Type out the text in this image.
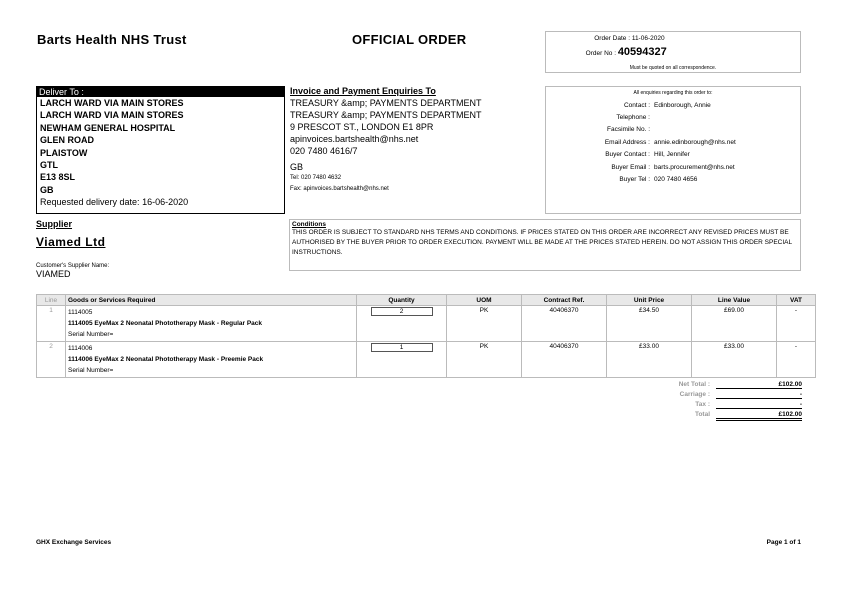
Barts Health NHS Trust	OFFICIAL ORDER	Order Date : 11-06-2020
Order No : 40594327
Must be quoted on all correspondence.
Deliver To :
LARCH WARD VIA MAIN STORES
LARCH WARD VIA MAIN STORES
NEWHAM GENERAL HOSPITAL
GLEN ROAD
PLAISTOW
GTL
E13 8SL
GB
Requested delivery date: 16-06-2020
Invoice and Payment Enquiries To
TREASURY &amp; PAYMENTS DEPARTMENT
TREASURY &amp; PAYMENTS DEPARTMENT
9 PRESCOT ST., LONDON E1 8PR
apinvoices.bartshealth@nhs.net
020 7480 4616/7
GB
Tel: 020 7480 4632
Fax: apinvoices.bartshealth@nhs.net
All enquiries regarding this order to:
Contact : Edinborough, Annie
Telephone :
Facsimile No. :
Email Address : annie.edinborough@nhs.net
Buyer Contact : Hill, Jennifer
Buyer Email : barts.procurement@nhs.net
Buyer Tel : 020 7480 4656
Supplier
Viamed Ltd
Customer's Supplier Name:
VIAMED
Conditions
THIS ORDER IS SUBJECT TO STANDARD NHS TERMS AND CONDITIONS. IF PRICES STATED ON THIS ORDER ARE INCORRECT ANY REVISED PRICES MUST BE AUTHORISED BY THE BUYER PRIOR TO ORDER EXECUTION. PAYMENT WILL BE MADE AT THE PRICES STATED HEREIN. DO NOT ASSIGN THIS ORDER SPECIAL INSTRUCTIONS.
Line	Goods or Services Required	Quantity	UOM	Contract Ref.	Unit Price	Line Value	VAT
1	1114005
1114005 EyeMax 2 Neonatal Phototherapy Mask - Regular Pack
Serial Number=	2	PK	40406370	£34.50	£69.00	-
2	1114006
1114006 EyeMax 2 Neonatal Phototherapy Mask - Preemie Pack
Serial Number=	1	PK	40406370	£33.00	£33.00	-
Net Total :	£102.00
Carriage :	-
Tax :	-
Total	£102.00
GHX Exchange Services	Page 1 of 1
